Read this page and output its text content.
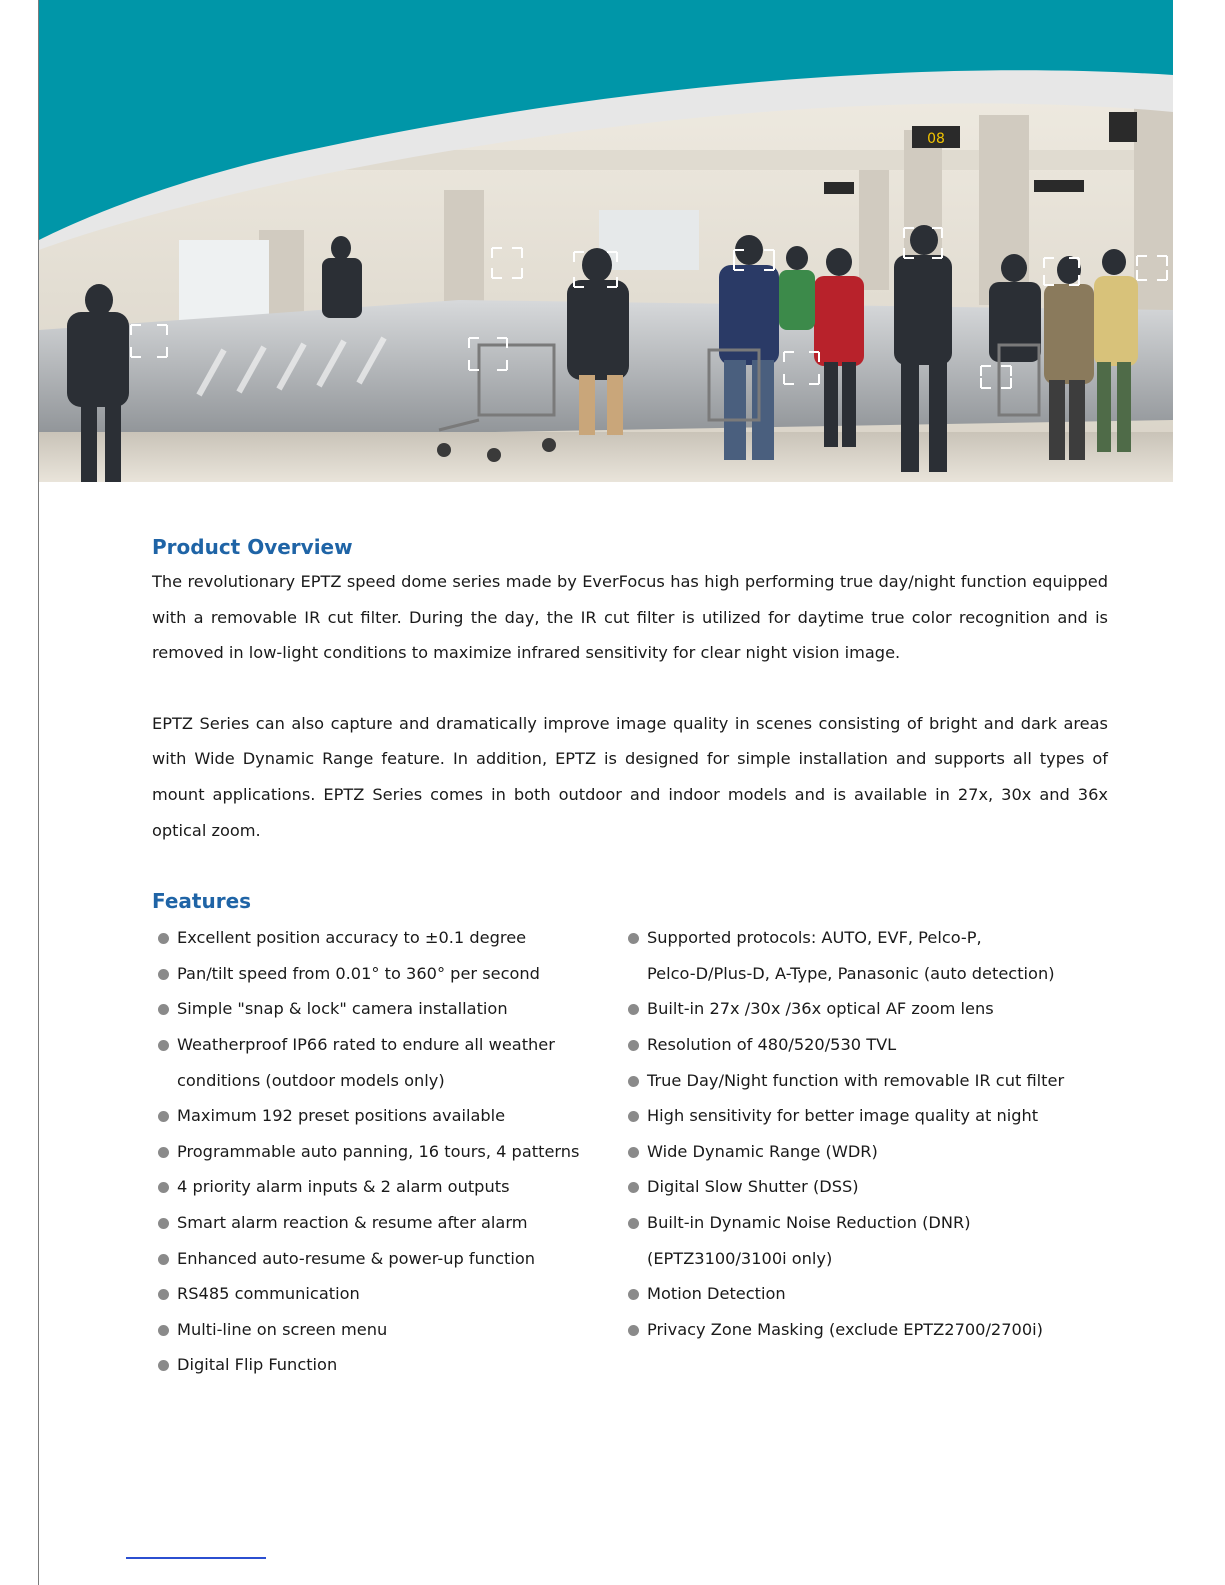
08
Product Overview

The revolutionary EPTZ speed dome series made by EverFocus has high performing true day/night function equipped with a removable IR cut filter. During the day, the IR cut filter is utilized for daytime true color recognition and is removed in low-light conditions to maximize infrared sensitivity for clear night vision image.

EPTZ Series can also capture and dramatically improve image quality in scenes consisting of bright and dark areas with Wide Dynamic Range feature. In addition, EPTZ is designed for simple installation and supports all types of mount applications. EPTZ Series comes in both outdoor and indoor models and is available in 27x, 30x and 36x optical zoom.

Features
Excellent position accuracy to ±0.1 degree
Pan/tilt speed from 0.01° to 360° per second
Simple "snap & lock" camera installation
Weatherproof IP66 rated to endure all weather
conditions (outdoor models only)
Maximum 192 preset positions available
Programmable auto panning, 16 tours, 4 patterns
4 priority alarm inputs & 2 alarm outputs
Smart alarm reaction & resume after alarm
Enhanced auto-resume & power-up function
RS485 communication
Multi-line on screen menu
Digital Flip Function
Supported protocols: AUTO, EVF, Pelco-P,
Pelco-D/Plus-D, A-Type, Panasonic (auto detection)
Built-in 27x /30x /36x optical AF zoom lens
Resolution of 480/520/530 TVL
True Day/Night function with removable IR cut filter
High sensitivity for better image quality at night
Wide Dynamic Range (WDR)
Digital Slow Shutter (DSS)
Built-in Dynamic Noise Reduction (DNR)
(EPTZ3100/3100i only)
Motion Detection
Privacy Zone Masking (exclude EPTZ2700/2700i)
